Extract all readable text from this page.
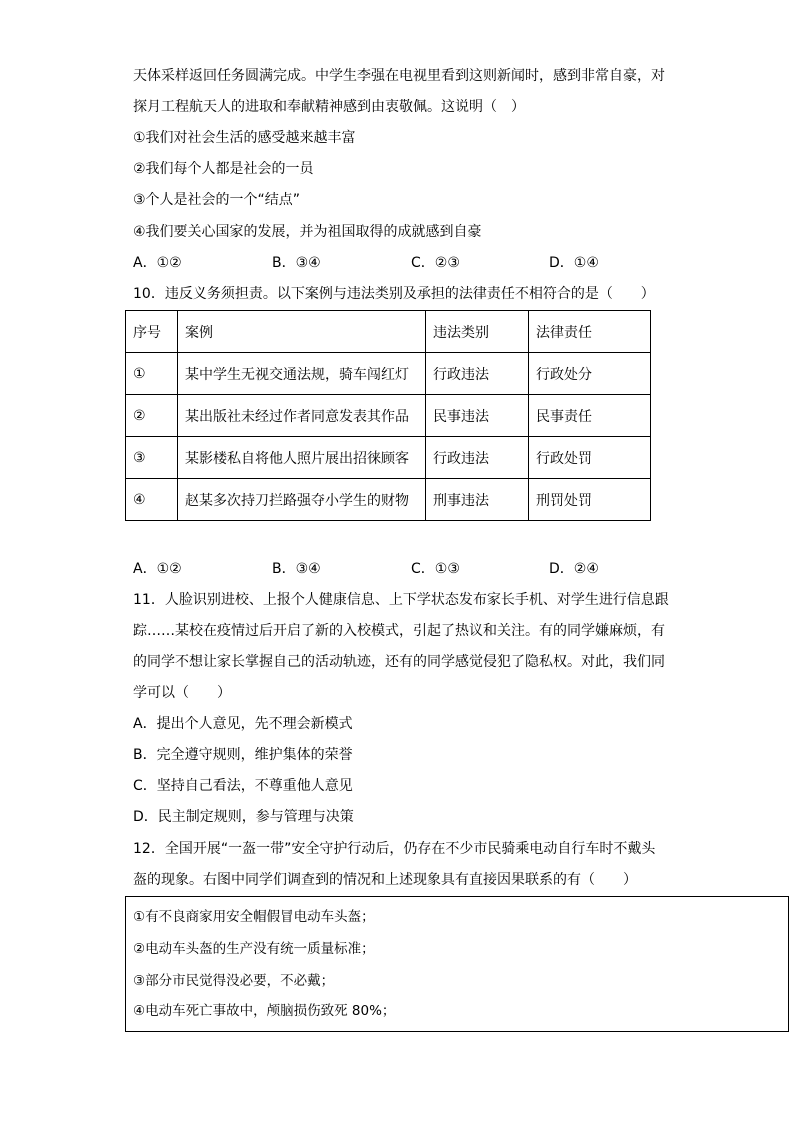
天体采样返回任务圆满完成。中学生李强在电视里看到这则新闻时，感到非常自豪，对
探月工程航天人的进取和奉献精神感到由衷敬佩。这说明（　）
①我们对社会生活的感受越来越丰富
②我们每个人都是社会的一员
③个人是社会的一个“结点”
④我们要关心国家的发展，并为祖国取得的成就感到自豪
A．①②	B．③④	C．②③	D．①④
10．违反义务须担责。以下案例与违法类别及承担的法律责任不相符合的是（　　）
序号	案例	违法类别	法律责任
①	某中学生无视交通法规，骑车闯红灯	行政违法	行政处分
②	某出版社未经过作者同意发表其作品	民事违法	民事责任
③	某影楼私自将他人照片展出招徕顾客	行政违法	行政处罚
④	赵某多次持刀拦路强夺小学生的财物	刑事违法	刑罚处罚
A．①②	B．③④	C．①③	D．②④
11．人脸识别进校、上报个人健康信息、上下学状态发布家长手机、对学生进行信息跟
踪……某校在疫情过后开启了新的入校模式，引起了热议和关注。有的同学嫌麻烦，有
的同学不想让家长掌握自己的活动轨迹，还有的同学感觉侵犯了隐私权。对此，我们同
学可以（　　）
A．提出个人意见，先不理会新模式
B．完全遵守规则，维护集体的荣誉
C．坚持自己看法，不尊重他人意见
D．民主制定规则，参与管理与决策
12．全国开展“一盔一带”安全守护行动后，仍存在不少市民骑乘电动自行车时不戴头
盔的现象。右图中同学们调查到的情况和上述现象具有直接因果联系的有（　　）
①有不良商家用安全帽假冒电动车头盔；
②电动车头盔的生产没有统一质量标准；
③部分市民觉得没必要，不必戴；
④电动车死亡事故中，颅脑损伤致死 80%；
